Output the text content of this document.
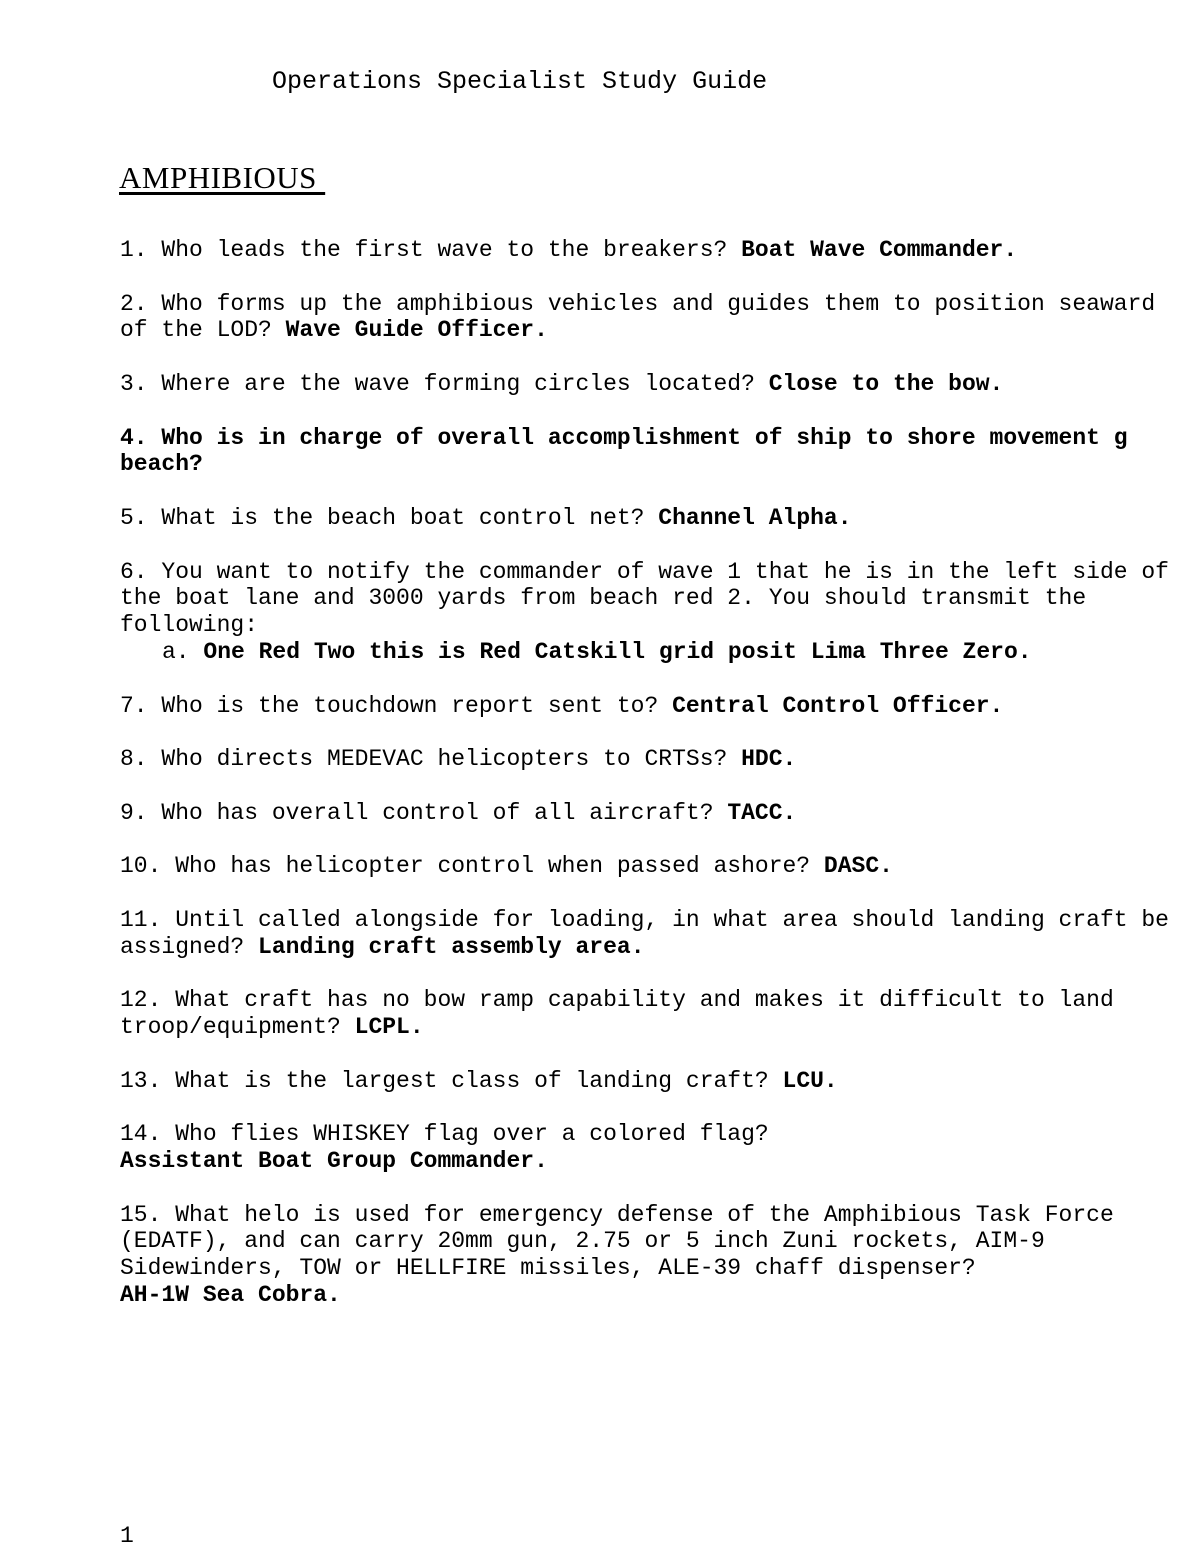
Operations Specialist Study Guide
AMPHIBIOUS
1. Who leads the first wave to the breakers? Boat Wave Commander.
2. Who forms up the amphibious vehicles and guides them to position seaward of the LOD? Wave Guide Officer.
3. Where are the wave forming circles located? Close to the bow.
4. Who is in charge of overall accomplishment of ship to shore movement g
beach?
5. What is the beach boat control net? Channel Alpha.
6. You want to notify the commander of wave 1 that he is in the left side of the boat lane and 3000 yards from beach red 2. You should transmit the following:
a. One Red Two this is Red Catskill grid posit Lima Three Zero.
7. Who is the touchdown report sent to? Central Control Officer.
8. Who directs MEDEVAC helicopters to CRTSs? HDC.
9. Who has overall control of all aircraft? TACC.
10. Who has helicopter control when passed ashore? DASC.
11. Until called alongside for loading, in what area should landing craft be assigned? Landing craft assembly area.
12. What craft has no bow ramp capability and makes it difficult to land troop/equipment? LCPL.
13. What is the largest class of landing craft? LCU.
14. Who flies WHISKEY flag over a colored flag?
Assistant Boat Group Commander.
15. What helo is used for emergency defense of the Amphibious Task Force (EDATF), and can carry 20mm gun, 2.75 or 5 inch Zuni rockets, AIM-9 Sidewinders, TOW or HELLFIRE missiles, ALE-39 chaff dispenser?
AH-1W Sea Cobra.
1
